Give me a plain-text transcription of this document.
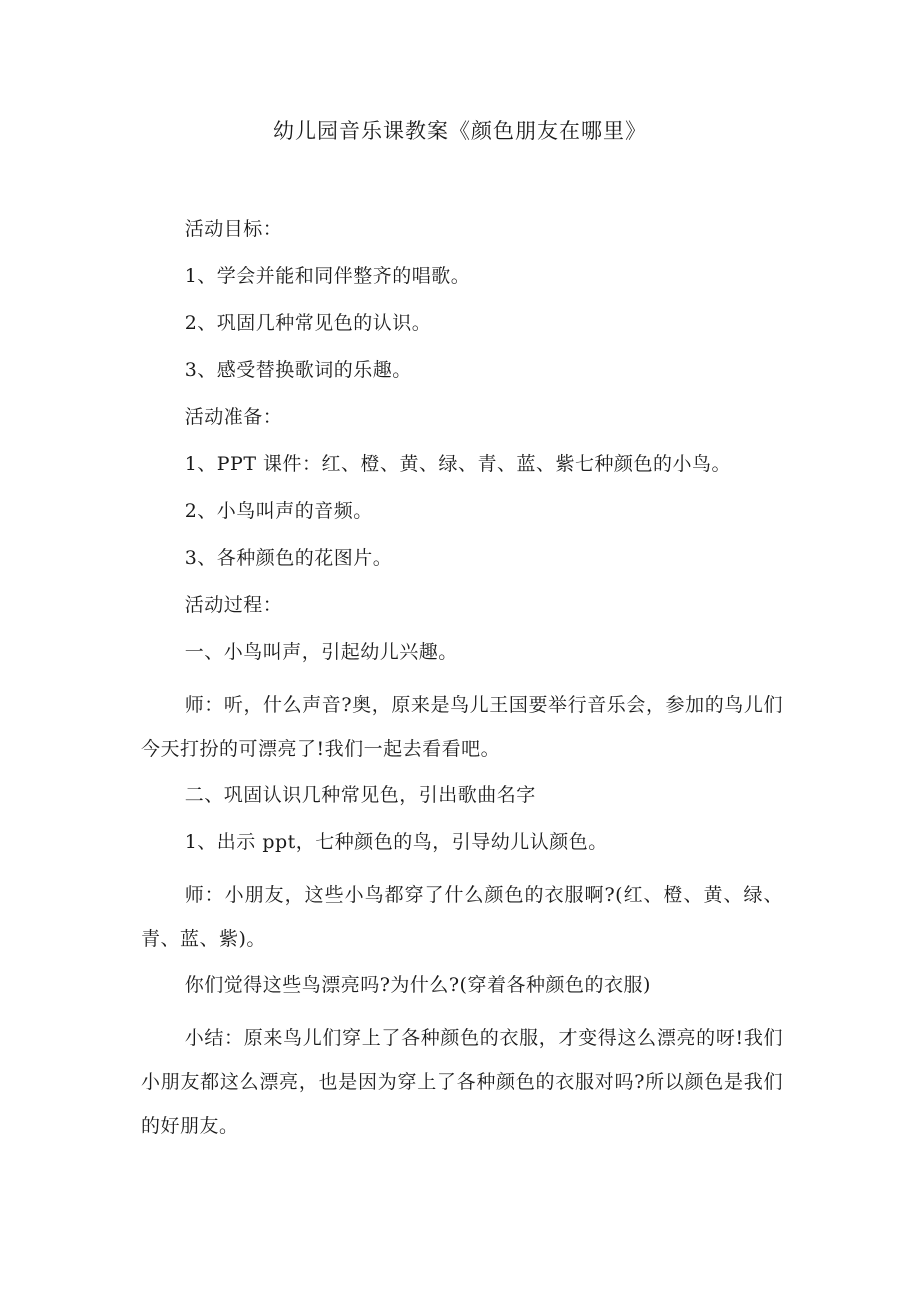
幼儿园音乐课教案《颜色朋友在哪里》

活动目标：

1、学会并能和同伴整齐的唱歌。

2、巩固几种常见色的认识。

3、感受替换歌词的乐趣。

活动准备：

1、PPT 课件：红、橙、黄、绿、青、蓝、紫七种颜色的小鸟。

2、小鸟叫声的音频。

3、各种颜色的花图片。

活动过程：

一、小鸟叫声，引起幼儿兴趣。

师：听，什么声音?奥，原来是鸟儿王国要举行音乐会，参加的鸟儿们今天打扮的可漂亮了!我们一起去看看吧。

二、巩固认识几种常见色，引出歌曲名字

1、出示 ppt，七种颜色的鸟，引导幼儿认颜色。

师：小朋友，这些小鸟都穿了什么颜色的衣服啊?(红、橙、黄、绿、青、蓝、紫)。

你们觉得这些鸟漂亮吗?为什么?(穿着各种颜色的衣服)

小结：原来鸟儿们穿上了各种颜色的衣服，才变得这么漂亮的呀!我们小朋友都这么漂亮，也是因为穿上了各种颜色的衣服对吗?所以颜色是我们的好朋友。
